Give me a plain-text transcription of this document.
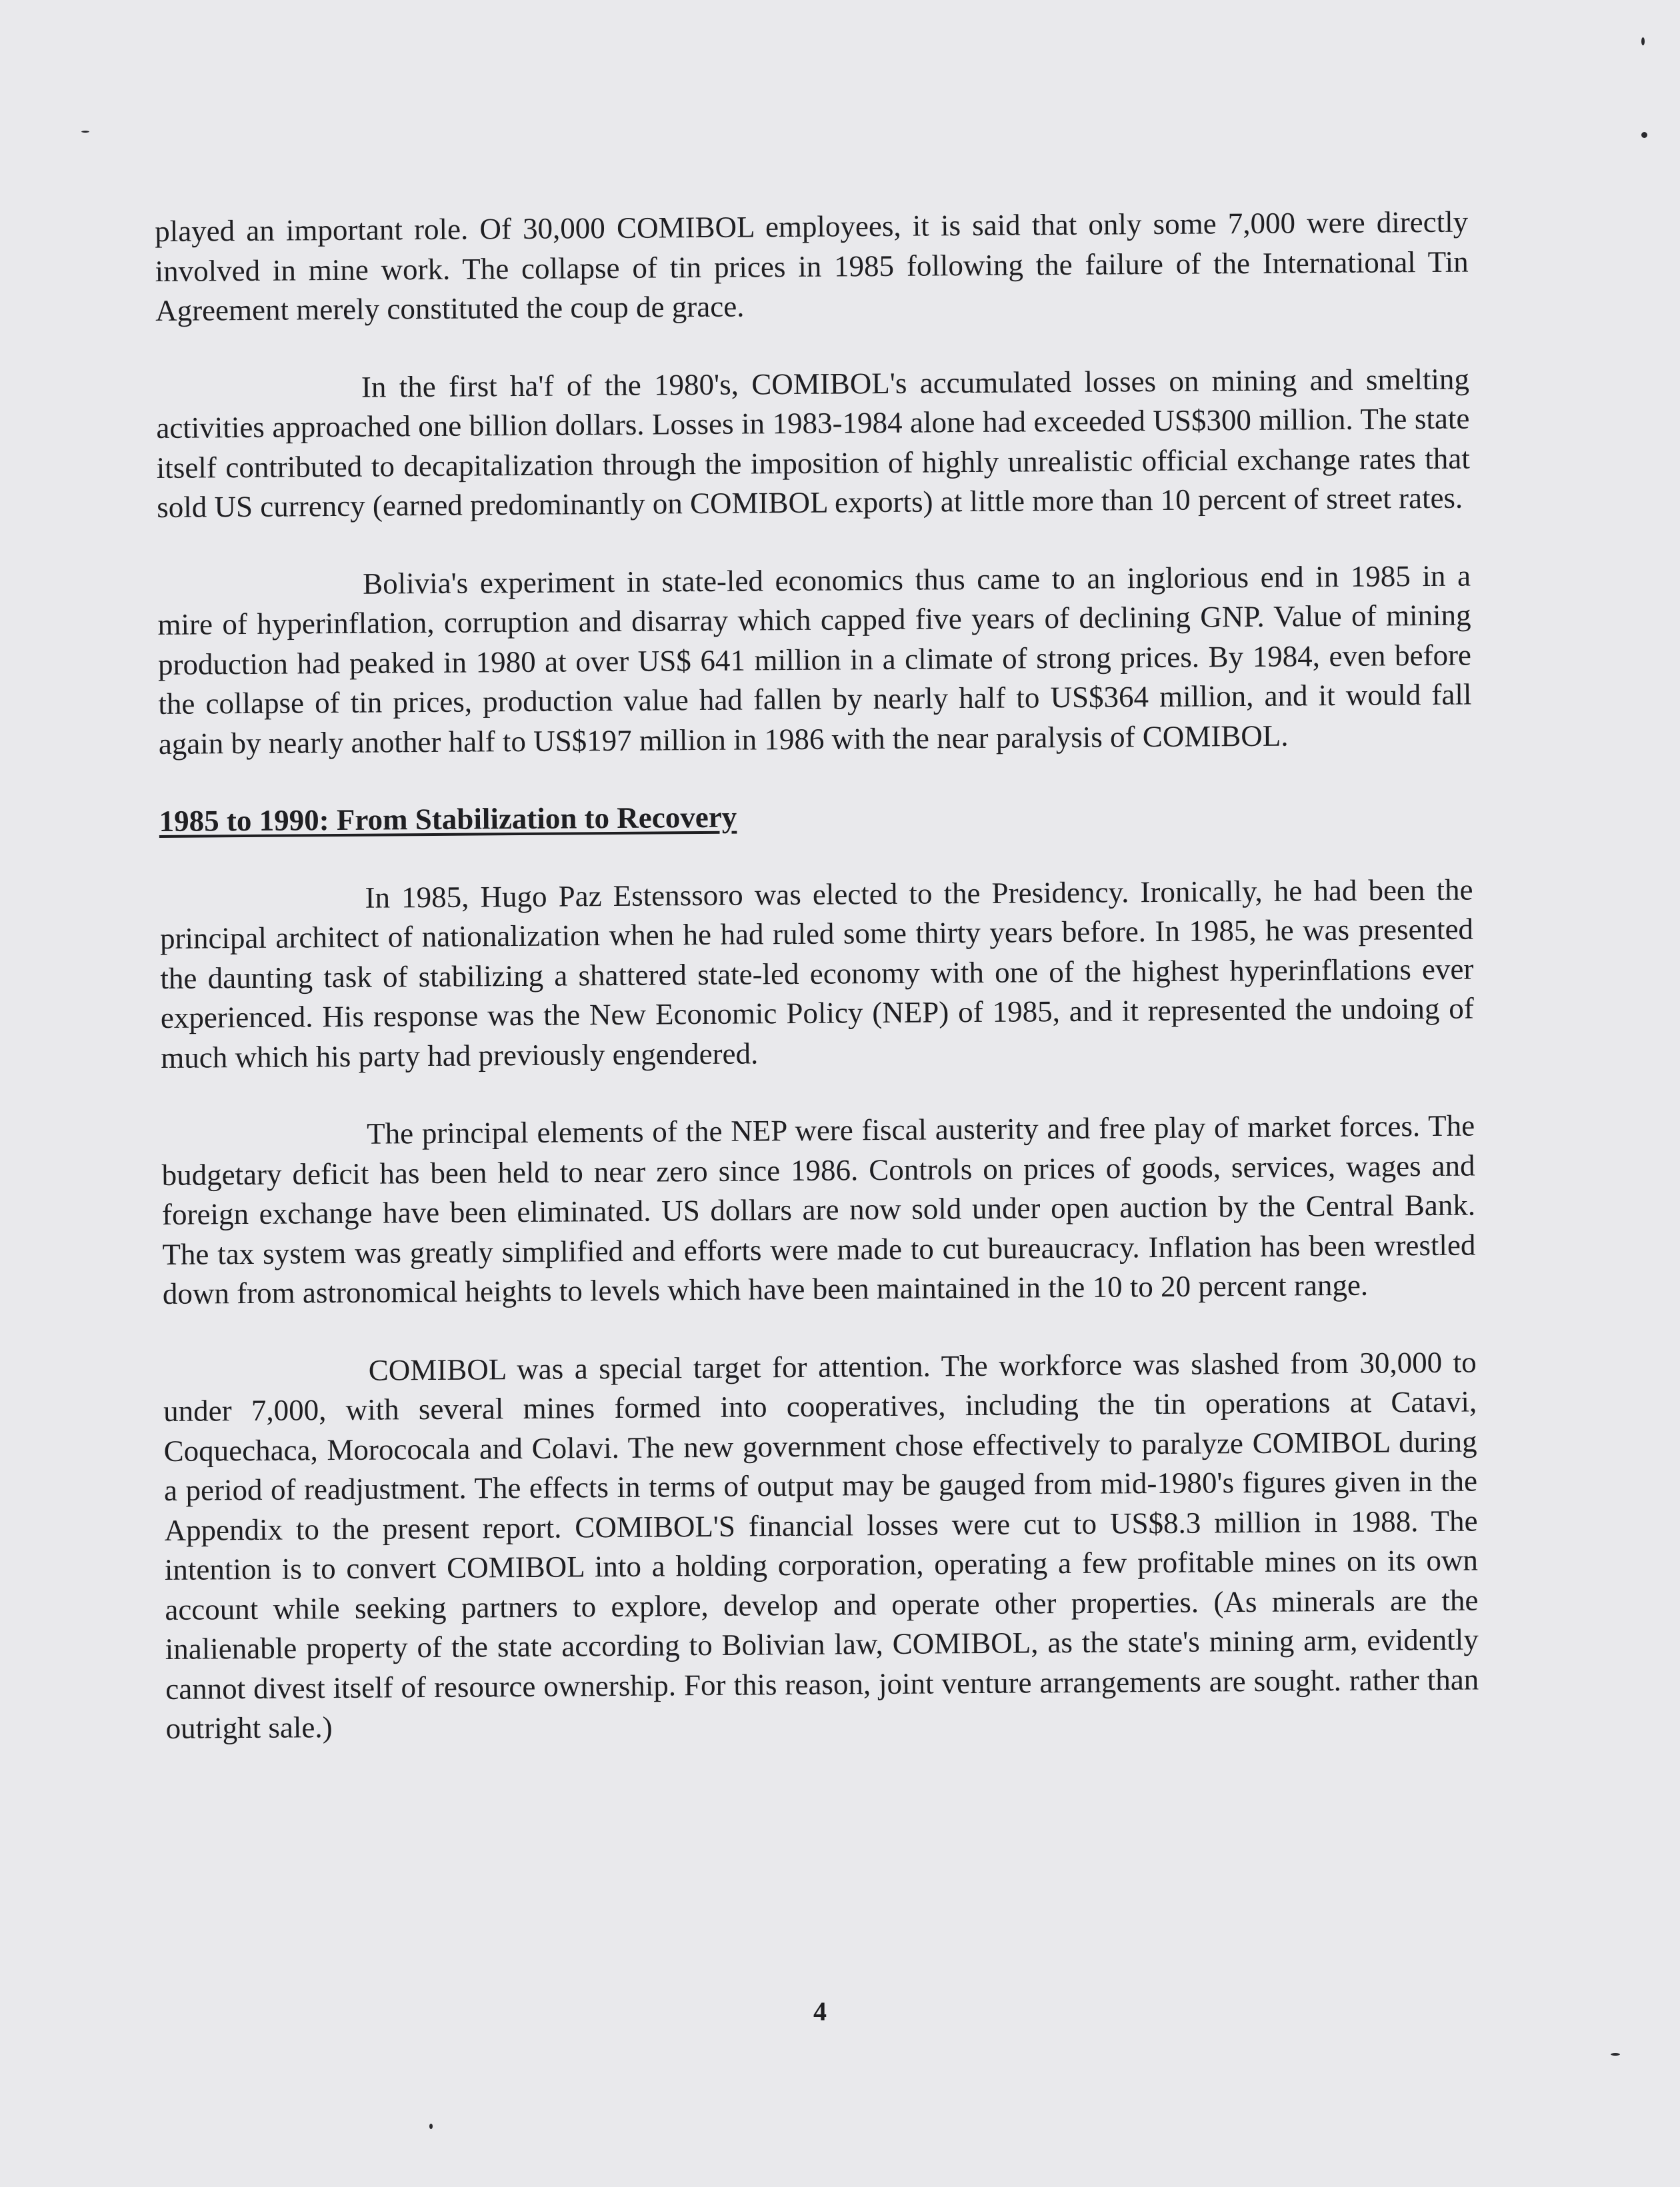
played an important role. Of 30,000 COMIBOL employees, it is said that only some 7,000 were directly involved in mine work. The collapse of tin prices in 1985 following the failure of the International Tin Agreement merely constituted the coup de grace.

In the first ha'f of the 1980's, COMIBOL's accumulated losses on mining and smelting activities approached one billion dollars. Losses in 1983-1984 alone had exceeded US$300 million. The state itself contributed to decapitalization through the imposition of highly unrealistic official exchange rates that sold US currency (earned predominantly on COMIBOL exports) at little more than 10 percent of street rates.

Bolivia's experiment in state-led economics thus came to an inglorious end in 1985 in a mire of hyperinflation, corruption and disarray which capped five years of declining GNP. Value of mining production had peaked in 1980 at over US$ 641 million in a climate of strong prices. By 1984, even before the collapse of tin prices, production value had fallen by nearly half to US$364 million, and it would fall again by nearly another half to US$197 million in 1986 with the near paralysis of COMIBOL.

1985 to 1990: From Stabilization to Recovery

In 1985, Hugo Paz Estenssoro was elected to the Presidency. Ironically, he had been the principal architect of nationalization when he had ruled some thirty years before. In 1985, he was presented the daunting task of stabilizing a shattered state-led economy with one of the highest hyperinflations ever experienced. His response was the New Economic Policy (NEP) of 1985, and it represented the undoing of much which his party had previously engendered.

The principal elements of the NEP were fiscal austerity and free play of market forces. The budgetary deficit has been held to near zero since 1986. Controls on prices of goods, services, wages and foreign exchange have been eliminated. US dollars are now sold under open auction by the Central Bank. The tax system was greatly simplified and efforts were made to cut bureaucracy. Inflation has been wrestled down from astronomical heights to levels which have been maintained in the 10 to 20 percent range.

COMIBOL was a special target for attention. The workforce was slashed from 30,000 to under 7,000, with several mines formed into cooperatives, including the tin operations at Catavi, Coquechaca, Morococala and Colavi. The new government chose effectively to paralyze COMIBOL during a period of readjustment. The effects in terms of output may be gauged from mid-1980's figures given in the Appendix to the present report. COMIBOL'S financial losses were cut to US$8.3 million in 1988. The intention is to convert COMIBOL into a holding corporation, operating a few profitable mines on its own account while seeking partners to explore, develop and operate other properties. (As minerals are the inalienable property of the state according to Bolivian law, COMIBOL, as the state's mining arm, evidently cannot divest itself of resource ownership. For this reason, joint venture arrangements are sought. rather than outright sale.)

4
